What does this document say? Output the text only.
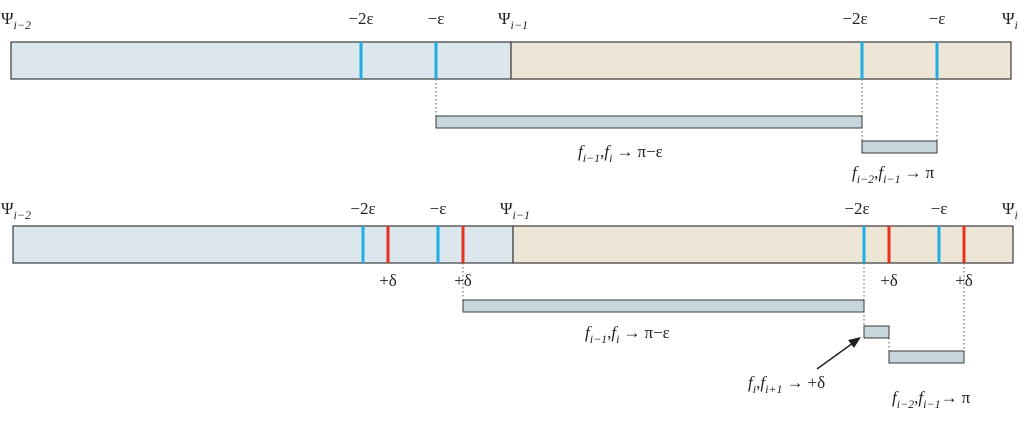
$\Psi_{i-2}$	$\Psi_{i-1}$	$\Psi_i$
−2ε	−ε	−2ε	−ε
$f_{i-1},f_i \to \pi-\varepsilon$
$f_{i-2},f_{i-1} \to \pi$
$\Psi_{i-2}$	$\Psi_{i-1}$	$\Psi_i$
−2ε	−ε	−2ε	−ε
+δ	+δ	+δ	+δ
$f_{i-1},f_i \to \pi-\varepsilon$
$f_i,f_{i+1} \to +\delta$
$f_{i-2},f_{i-1}\to \pi$
